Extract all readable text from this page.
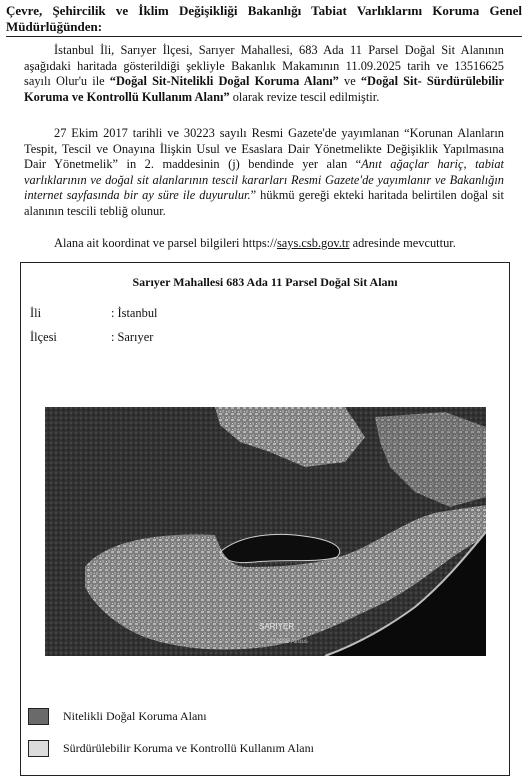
Çevre, Şehircilik ve İklim Değişikliği Bakanlığı Tabiat Varlıklarını Koruma Genel
Müdürlüğünden:
İstanbul İli, Sarıyer İlçesi, Sarıyer Mahallesi, 683 Ada 11 Parsel Doğal Sit Alanının aşağıdaki haritada gösterildiği şekliyle Bakanlık Makamının 11.09.2025 tarih ve 13516625 sayılı Olur'u ile “Doğal Sit-Nitelikli Doğal Koruma Alanı” ve “Doğal Sit- Sürdürülebilir Koruma ve Kontrollü Kullanım Alanı” olarak revize tescil edilmiştir.
27 Ekim 2017 tarihli ve 30223 sayılı Resmi Gazete'de yayımlanan “Korunan Alanların Tespit, Tescil ve Onayına İlişkin Usul ve Esaslara Dair Yönetmelikte Değişiklik Yapılmasına Dair Yönetmelik” in 2. maddesinin (j) bendinde yer alan “Anıt ağaçlar hariç, tabiat varlıklarının ve doğal sit alanlarının tescil kararları Resmi Gazete'de yayımlanır ve Bakanlığın internet sayfasında bir ay süre ile duyurulur.” hükmü gereği ekteki haritada belirtilen doğal sit alanının tescili tebliğ olunur.
Alana ait koordinat ve parsel bilgileri https://says.csb.gov.tr adresinde mevcuttur.
Sarıyer Mahallesi 683 Ada 11 Parsel Doğal Sit Alanı
İli	: İstanbul
İlçesi	: Sarıyer
SARIYER
© 2025 Airbus
Nitelikli Doğal Koruma Alanı
Sürdürülebilir Koruma ve Kontrollü Kullanım Alanı
